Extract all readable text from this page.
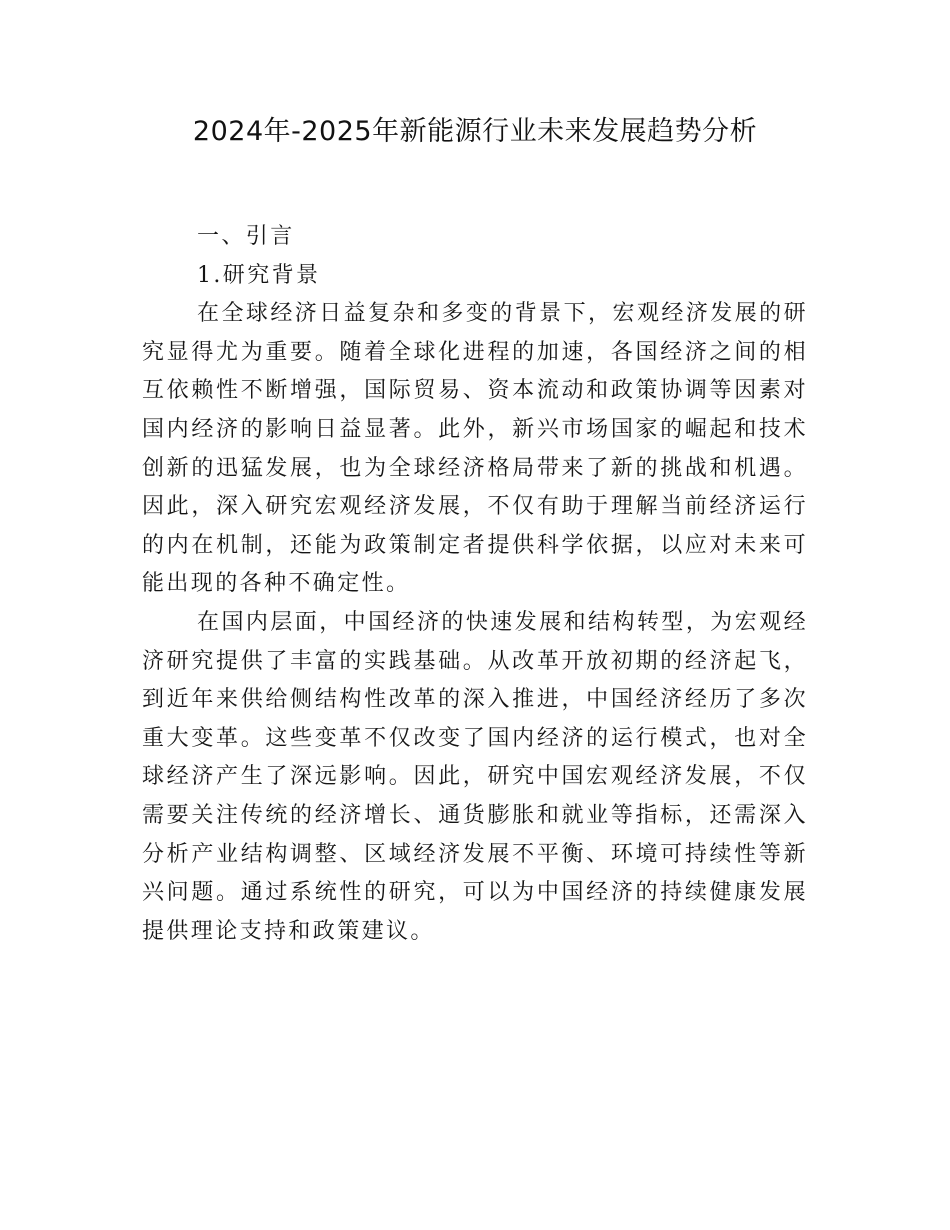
2024年-2025年新能源行业未来发展趋势分析
一、引言
1.研究背景

在全球经济日益复杂和多变的背景下，宏观经济发展的研究显得尤为重要。随着全球化进程的加速，各国经济之间的相互依赖性不断增强，国际贸易、资本流动和政策协调等因素对国内经济的影响日益显著。此外，新兴市场国家的崛起和技术创新的迅猛发展，也为全球经济格局带来了新的挑战和机遇。因此，深入研究宏观经济发展，不仅有助于理解当前经济运行的内在机制，还能为政策制定者提供科学依据，以应对未来可能出现的各种不确定性。

在国内层面，中国经济的快速发展和结构转型，为宏观经济研究提供了丰富的实践基础。从改革开放初期的经济起飞，到近年来供给侧结构性改革的深入推进，中国经济经历了多次重大变革。这些变革不仅改变了国内经济的运行模式，也对全球经济产生了深远影响。因此，研究中国宏观经济发展，不仅需要关注传统的经济增长、通货膨胀和就业等指标，还需深入分析产业结构调整、区域经济发展不平衡、环境可持续性等新兴问题。通过系统性的研究，可以为中国经济的持续健康发展提供理论支持和政策建议。
